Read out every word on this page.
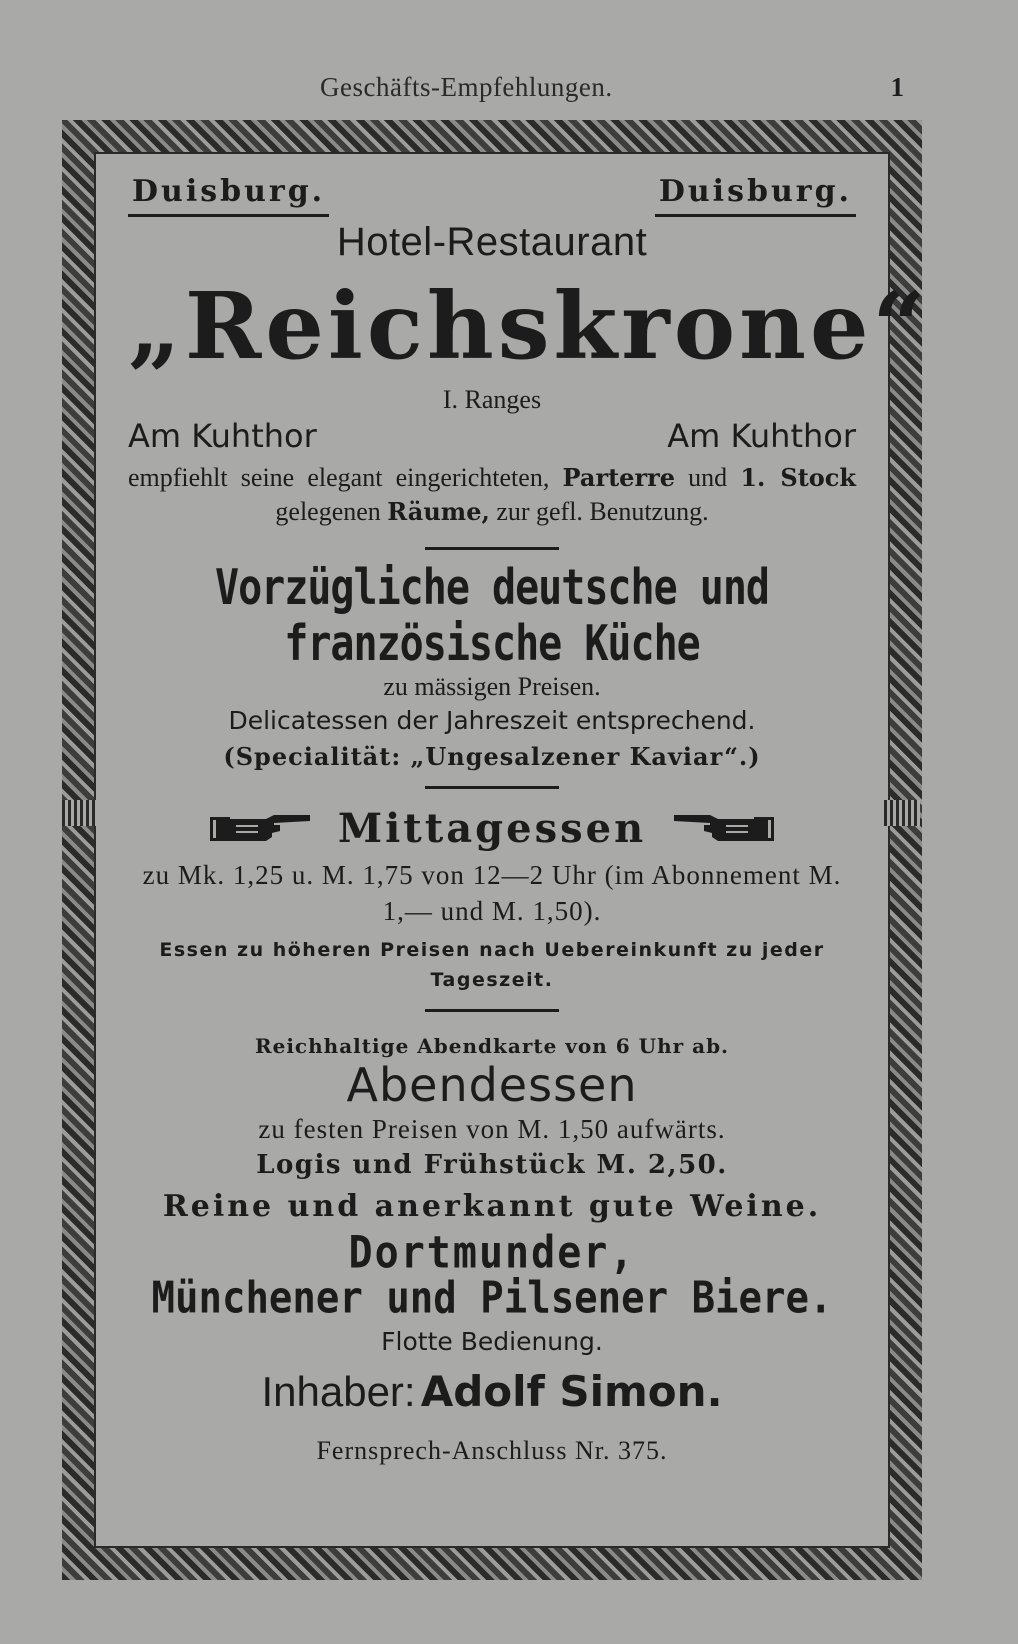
Geschäfts-Empfehlungen.	1
Duisburg.	Duisburg.
Hotel-Restaurant
„Reichskrone“
I. Ranges
Am Kuhthor	Am Kuhthor
empfiehlt seine elegant eingerichteten, Parterre und 1. Stock gelegenen Räume, zur gefl. Benutzung.
Vorzügliche deutsche und französische Küche
zu mässigen Preisen.
Delicatessen der Jahreszeit entsprechend.
(Specialität: „Ungesalzener Kaviar“.)
Mittagessen
zu Mk. 1,25 u. M. 1,75 von 12—2 Uhr (im Abonnement M. 1,— und M. 1,50).
Essen zu höheren Preisen nach Uebereinkunft zu jeder Tageszeit.
Reichhaltige Abendkarte von 6 Uhr ab.
Abendessen
zu festen Preisen von M. 1,50 aufwärts.
Logis und Frühstück M. 2,50.
Reine und anerkannt gute Weine.
Dortmunder,
Münchener und Pilsener Biere.
Flotte Bedienung.
Inhaber: Adolf Simon.
Fernsprech-Anschluss Nr. 375.
